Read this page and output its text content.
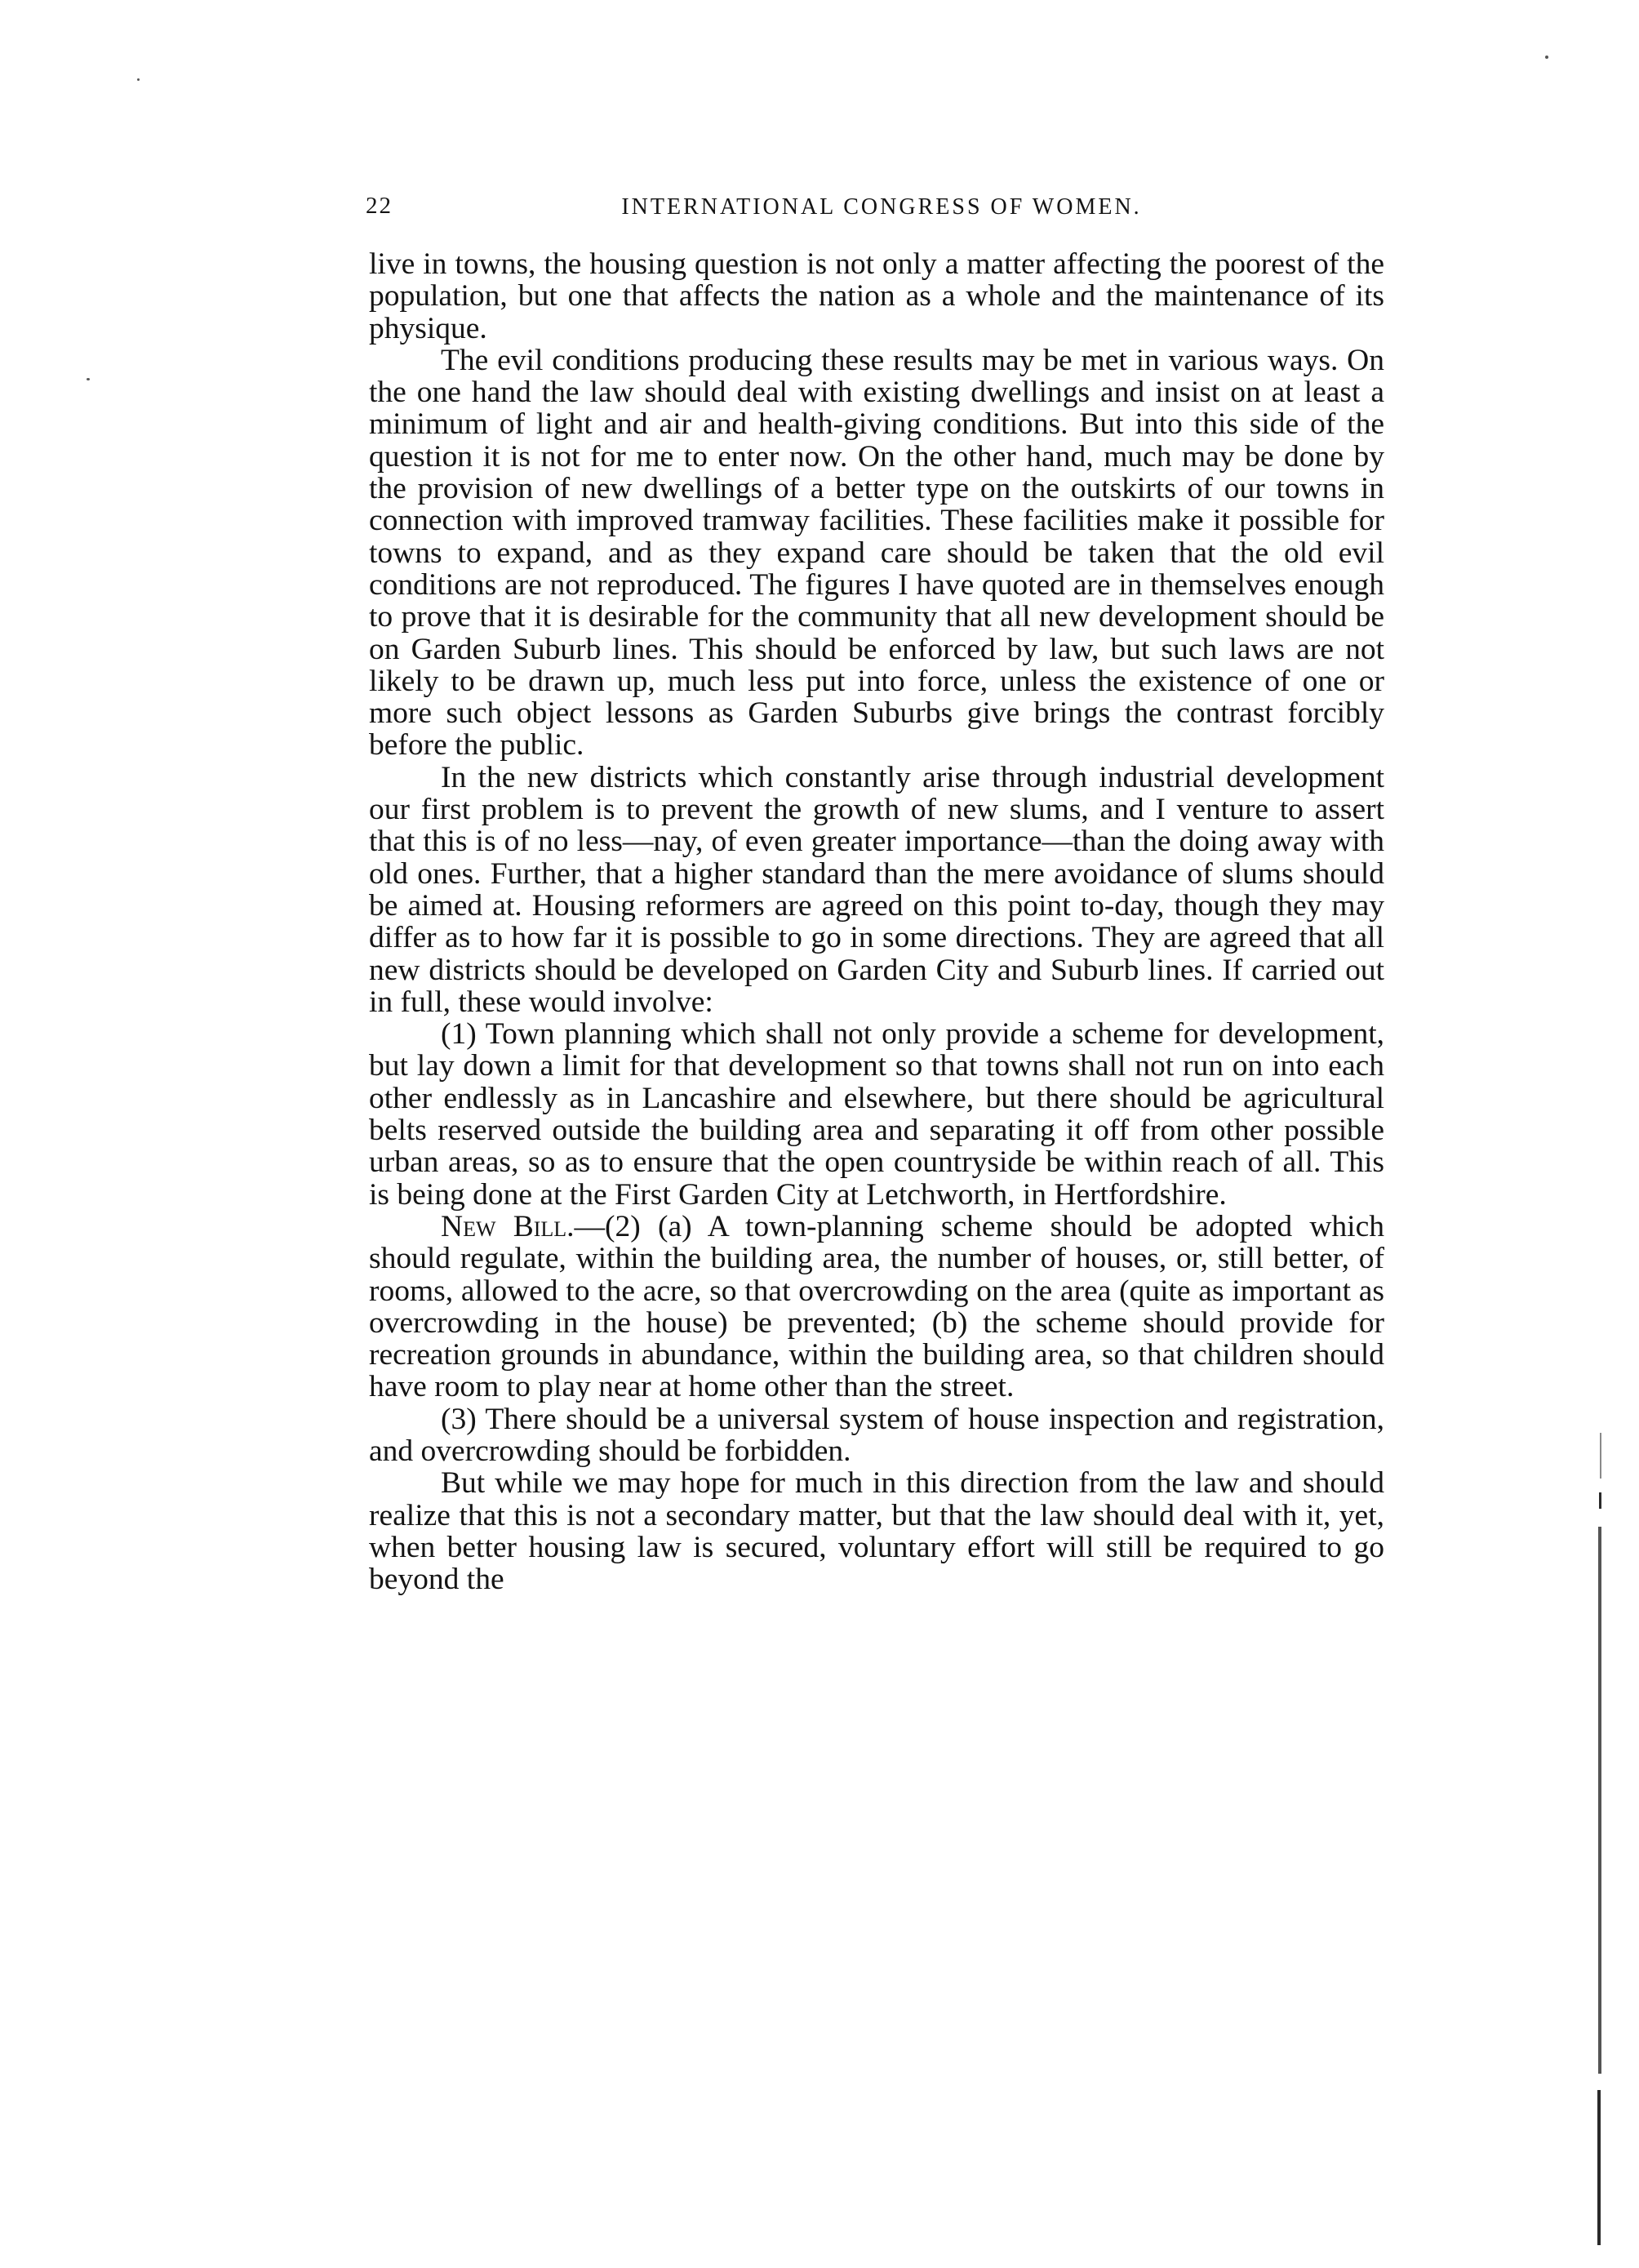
22	INTERNATIONAL CONGRESS OF WOMEN.

live in towns, the housing question is not only a matter affecting the poorest of the population, but one that affects the nation as a whole and the maintenance of its physique.

The evil conditions producing these results may be met in various ways. On the one hand the law should deal with existing dwellings and insist on at least a minimum of light and air and health-giving conditions. But into this side of the question it is not for me to enter now. On the other hand, much may be done by the provision of new dwellings of a better type on the outskirts of our towns in connection with improved tramway facilities. These facilities make it possible for towns to expand, and as they expand care should be taken that the old evil conditions are not reproduced. The figures I have quoted are in themselves enough to prove that it is desirable for the community that all new development should be on Garden Suburb lines. This should be enforced by law, but such laws are not likely to be drawn up, much less put into force, unless the existence of one or more such object lessons as Garden Suburbs give brings the contrast forcibly before the public.

In the new districts which constantly arise through industrial development our first problem is to prevent the growth of new slums, and I venture to assert that this is of no less—nay, of even greater importance—than the doing away with old ones. Further, that a higher standard than the mere avoidance of slums should be aimed at. Housing reformers are agreed on this point to-day, though they may differ as to how far it is possible to go in some directions. They are agreed that all new districts should be developed on Garden City and Suburb lines. If carried out in full, these would involve:

(1) Town planning which shall not only provide a scheme for development, but lay down a limit for that development so that towns shall not run on into each other endlessly as in Lancashire and elsewhere, but there should be agricultural belts reserved outside the building area and separating it off from other possible urban areas, so as to ensure that the open countryside be within reach of all. This is being done at the First Garden City at Letchworth, in Hertfordshire.

New Bill.—(2) (a) A town-planning scheme should be adopted which should regulate, within the building area, the number of houses, or, still better, of rooms, allowed to the acre, so that overcrowding on the area (quite as important as overcrowding in the house) be prevented; (b) the scheme should provide for recreation grounds in abundance, within the building area, so that children should have room to play near at home other than the street.

(3) There should be a universal system of house inspection and registration, and overcrowding should be forbidden.

But while we may hope for much in this direction from the law and should realize that this is not a secondary matter, but that the law should deal with it, yet, when better housing law is secured, voluntary effort will still be required to go beyond the
